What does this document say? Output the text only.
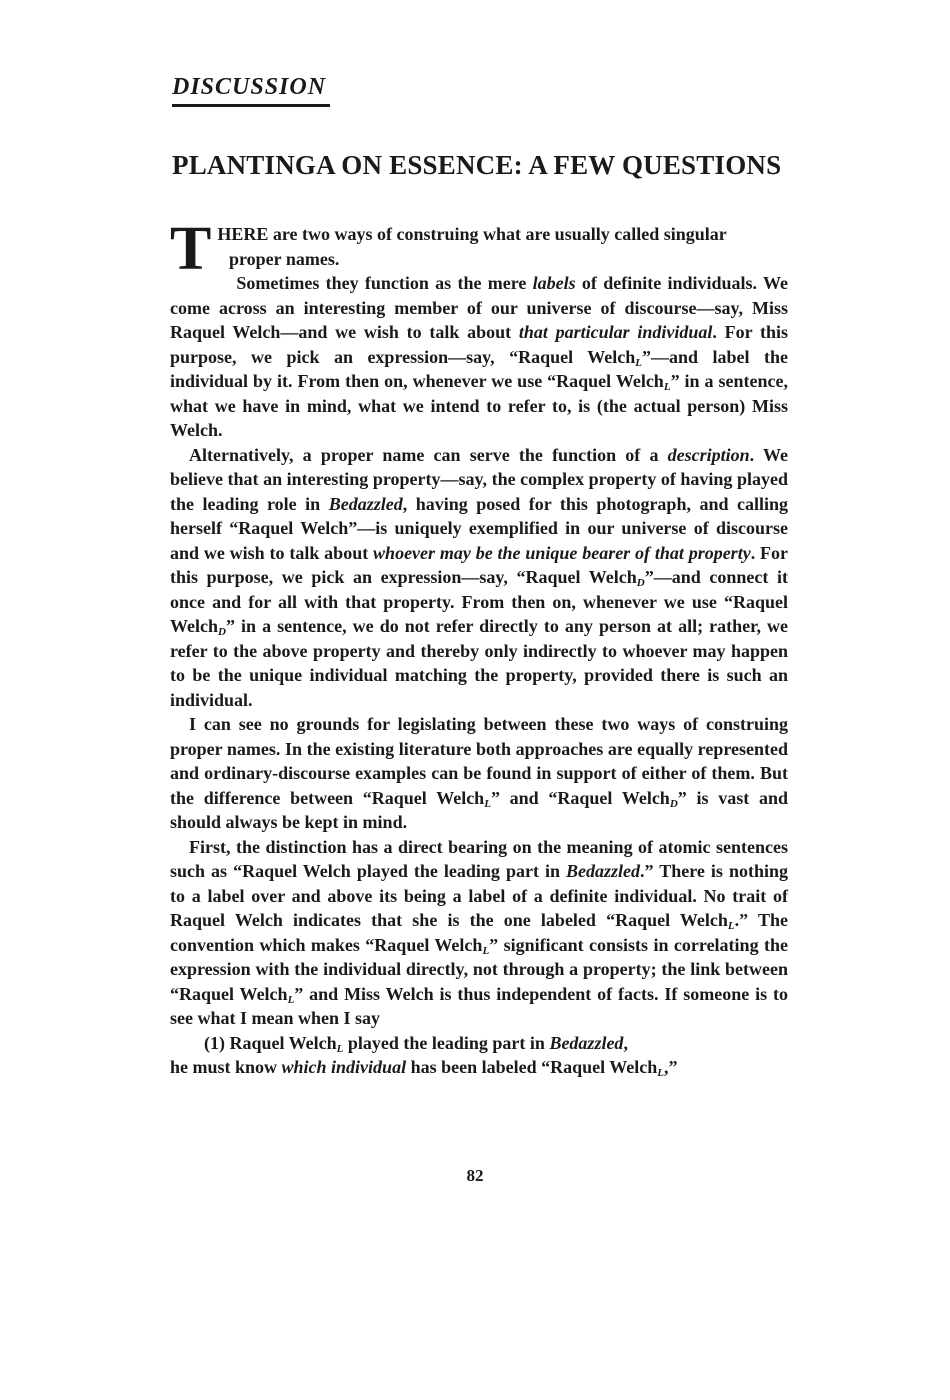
DISCUSSION
PLANTINGA ON ESSENCE: A FEW QUESTIONS

THERE are two ways of construing what are usually called singular
proper names.

Sometimes they function as the mere labels of definite individuals. We come across an interesting member of our universe of discourse—say, Miss Raquel Welch—and we wish to talk about that particular individual. For this purpose, we pick an expression—say, “Raquel Welch$_L$”—and label the individual by it. From then on, whenever we use “Raquel Welch$_L$” in a sentence, what we have in mind, what we intend to refer to, is (the actual person) Miss Welch.

Alternatively, a proper name can serve the function of a description. We believe that an interesting property—say, the complex property of having played the leading role in Bedazzled, having posed for this photograph, and calling herself “Raquel Welch”—is uniquely exemplified in our universe of discourse and we wish to talk about whoever may be the unique bearer of that property. For this purpose, we pick an expression—say, “Raquel Welch$_D$”—and connect it once and for all with that property. From then on, whenever we use “Raquel Welch$_D$” in a sentence, we do not refer directly to any person at all; rather, we refer to the above property and thereby only indirectly to whoever may happen to be the unique individual matching the property, provided there is such an individual.

I can see no grounds for legislating between these two ways of construing proper names. In the existing literature both approaches are equally represented and ordinary-discourse examples can be found in support of either of them. But the difference between “Raquel Welch$_L$” and “Raquel Welch$_D$” is vast and should always be kept in mind.

First, the distinction has a direct bearing on the meaning of atomic sentences such as “Raquel Welch played the leading part in Bedazzled.” There is nothing to a label over and above its being a label of a definite individual. No trait of Raquel Welch indicates that she is the one labeled “Raquel Welch$_L$.” The convention which makes “Raquel Welch$_L$” significant consists in correlating the expression with the individual directly, not through a property; the link between “Raquel Welch$_L$” and Miss Welch is thus independent of facts. If someone is to see what I mean when I say

(1) Raquel Welch$_L$ played the leading part in Bedazzled,

he must know which individual has been labeled “Raquel Welch$_L$,”

82
